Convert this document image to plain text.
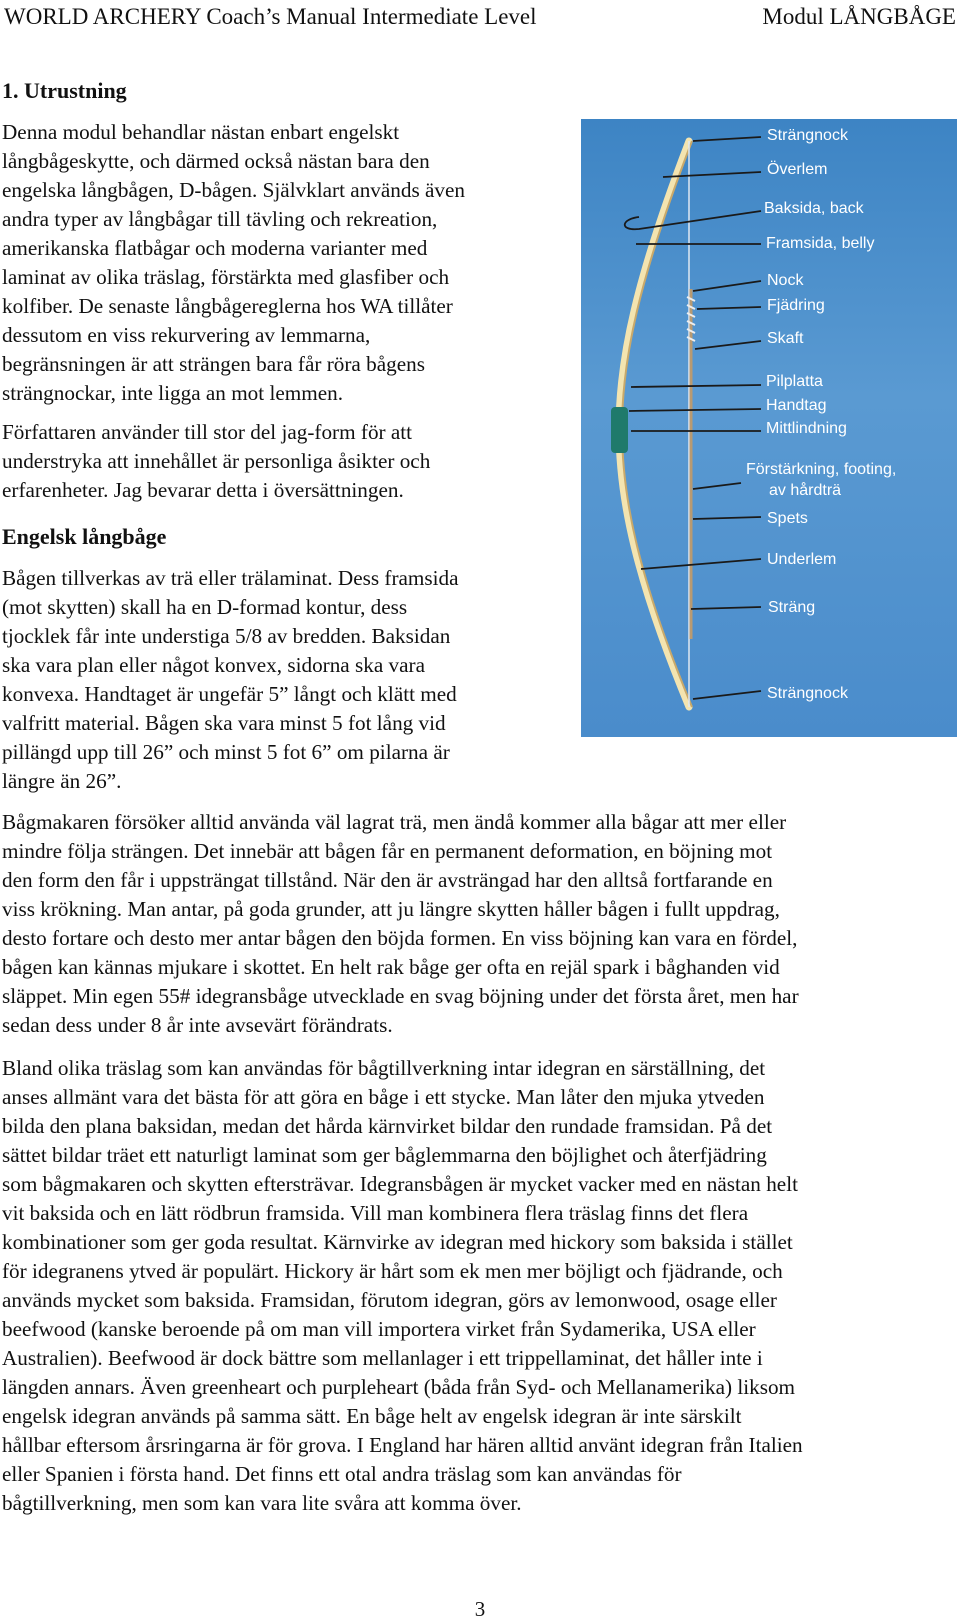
WORLD ARCHERY Coach’s Manual Intermediate Level	Modul LÅNGBÅGE
1. Utrustning

Denna modul behandlar nästan enbart engelskt
långbågeskytte, och därmed också nästan bara den
engelska långbågen, D-bågen. Självklart används även
andra typer av långbågar till tävling och rekreation,
amerikanska flatbågar och moderna varianter med
laminat av olika träslag, förstärkta med glasfiber och
kolfiber. De senaste långbågereglerna hos WA tillåter
dessutom en viss rekurvering av lemmarna,
begränsningen är att strängen bara får röra bågens
strängnockar, inte ligga an mot lemmen.

Författaren använder till stor del jag-form för att
understryka att innehållet är personliga åsikter och
erfarenheter. Jag bevarar detta i översättningen.

Engelsk långbåge

Bågen tillverkas av trä eller trälaminat. Dess framsida
(mot skytten) skall ha en D-formad kontur, dess
tjocklek får inte understiga 5/8 av bredden. Baksidan
ska vara plan eller något konvex, sidorna ska vara
konvexa. Handtaget är ungefär 5” långt och klätt med
valfritt material. Bågen ska vara minst 5 fot lång vid
pillängd upp till 26” och minst 5 fot 6” om pilarna är
längre än 26”.

Bågmakaren försöker alltid använda väl lagrat trä, men ändå kommer alla bågar att mer eller
mindre följa strängen. Det innebär att bågen får en permanent deformation, en böjning mot
den form den får i uppsträngat tillstånd. När den är avsträngad har den alltså fortfarande en
viss krökning. Man antar, på goda grunder, att ju längre skytten håller bågen i fullt uppdrag,
desto fortare och desto mer antar bågen den böjda formen. En viss böjning kan vara en fördel,
bågen kan kännas mjukare i skottet. En helt rak båge ger ofta en rejäl spark i båghanden vid
släppet. Min egen 55# idegransbåge utvecklade en svag böjning under det första året, men har
sedan dess under 8 år inte avsevärt förändrats.

Bland olika träslag som kan användas för bågtillverkning intar idegran en särställning, det
anses allmänt vara det bästa för att göra en båge i ett stycke. Man låter den mjuka ytveden
bilda den plana baksidan, medan det hårda kärnvirket bildar den rundade framsidan. På det
sättet bildar träet ett naturligt laminat som ger båglemmarna den böjlighet och återfjädring
som bågmakaren och skytten eftersträvar. Idegransbågen är mycket vacker med en nästan helt
vit baksida och en lätt rödbrun framsida. Vill man kombinera flera träslag finns det flera
kombinationer som ger goda resultat. Kärnvirke av idegran med hickory som baksida i stället
för idegranens ytved är populärt. Hickory är hårt som ek men mer böjligt och fjädrande, och
används mycket som baksida. Framsidan, förutom idegran, görs av lemonwood, osage eller
beefwood (kanske beroende på om man vill importera virket från Sydamerika, USA eller
Australien). Beefwood är dock bättre som mellanlager i ett trippellaminat, det håller inte i
längden annars. Även greenheart och purpleheart (båda från Syd- och Mellanamerika) liksom
engelsk idegran används på samma sätt. En båge helt av engelsk idegran är inte särskilt
hållbar eftersom årsringarna är för grova. I England har hären alltid använt idegran från Italien
eller Spanien i första hand. Det finns ett otal andra träslag som kan användas för
bågtillverkning, men som kan vara lite svåra att komma över.

Strängnock
Överlem
Baksida, back
Framsida, belly
Nock
Fjädring
Skaft
Pilplatta
Handtag
Mittlindning
Förstärkning, footing,
av hårdträ
Spets
Underlem
Sträng
Strängnock
3
